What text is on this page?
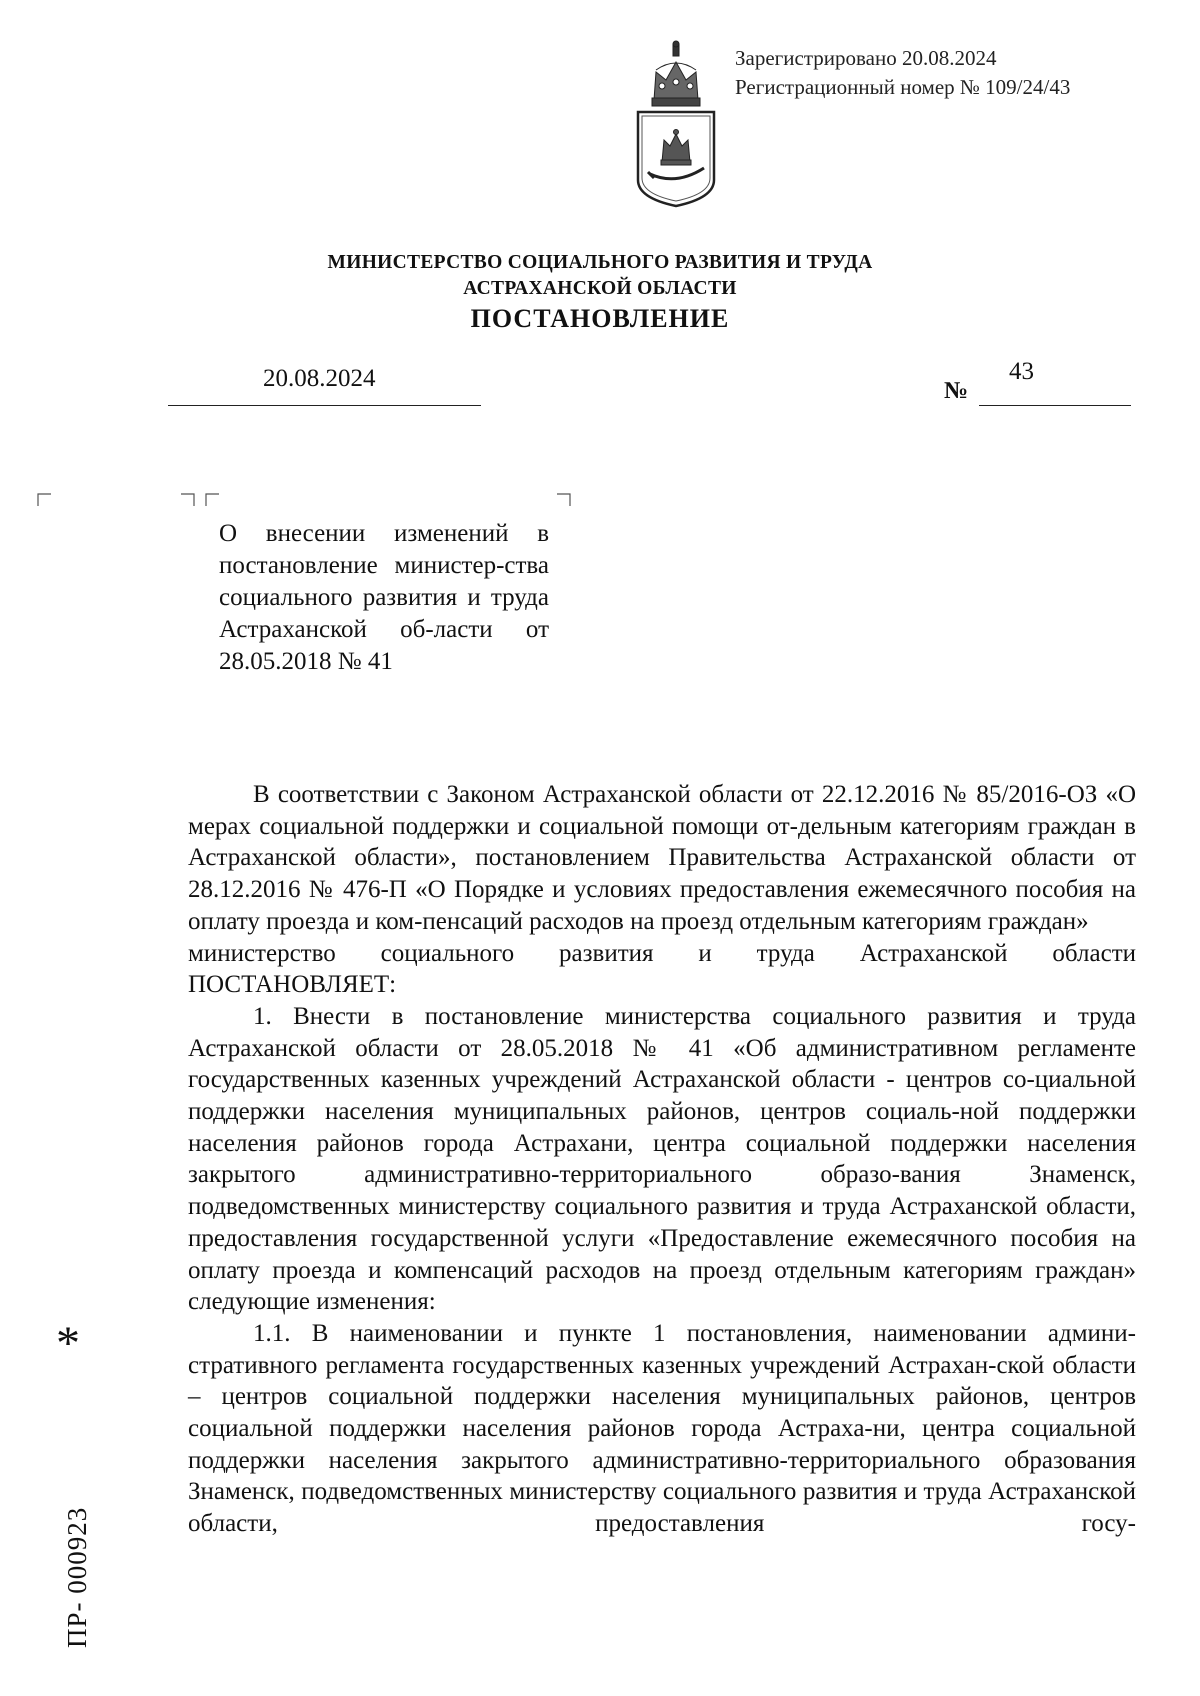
Зарегистрировано 20.08.2024
Регистрационный номер № 109/24/43
МИНИСТЕРСТВО СОЦИАЛЬНОГО РАЗВИТИЯ И ТРУДА
АСТРАХАНСКОЙ ОБЛАСТИ
ПОСТАНОВЛЕНИЕ
20.08.2024	№
43
О внесении изменений в постановление министер-ства социального развития и труда Астраханской об-ласти от 28.05.2018 № 41

В соответствии с Законом Астраханской области от 22.12.2016 № 85/2016-ОЗ «О мерах социальной поддержки и социальной помощи от-дельным категориям граждан в Астраханской области», постановлением Правительства Астраханской области от 28.12.2016 № 476-П «О Порядке и условиях предоставления ежемесячного пособия на оплату проезда и ком-пенсаций расходов на проезд отдельным категориям граждан»

министерство социального развития и труда Астраханской области

ПОСТАНОВЛЯЕТ:

1. Внести в постановление министерства социального развития и труда Астраханской области от 28.05.2018 № 41 «Об административном регламенте государственных казенных учреждений Астраханской области - центров со-циальной поддержки населения муниципальных районов, центров социаль-ной поддержки населения районов города Астрахани, центра социальной поддержки населения закрытого административно-территориального образо-вания Знаменск, подведомственных министерству социального развития и труда Астраханской области, предоставления государственной услуги «Предоставление ежемесячного пособия на оплату проезда и компенсаций расходов на проезд отдельным категориям граждан» следующие изменения:

1.1. В наименовании и пункте 1 постановления, наименовании админи-стративного регламента государственных казенных учреждений Астрахан-ской области – центров социальной поддержки населения муниципальных районов, центров социальной поддержки населения районов города Астраха-ни, центра социальной поддержки населения закрытого административно-территориального образования Знаменск, подведомственных министерству социального развития и труда Астраханской области, предоставления госу-

*
ПР- 000923
